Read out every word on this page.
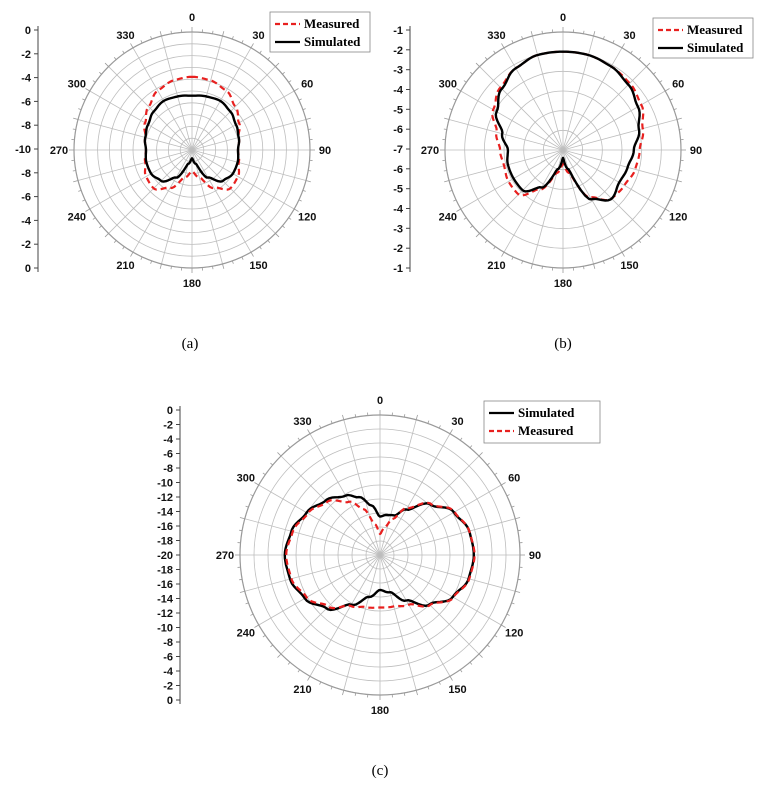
0
30
60
90
120
150
180
210
240
270
300
330
0
-2
-4
-6
-8
-10
-8
-6
-4
-2
0
Measured
Simulated
(a)
0
30
60
90
120
150
180
210
240
270
300
330
-1
-2
-3
-4
-5
-6
-7
-6
-5
-4
-3
-2
-1
Measured
Simulated
(b)
0
30
60
90
120
150
180
210
240
270
300
330
0
-2
-4
-6
-8
-10
-12
-14
-16
-18
-20
-18
-16
-14
-12
-10
-8
-6
-4
-2
0
Simulated
Measured
(c)
